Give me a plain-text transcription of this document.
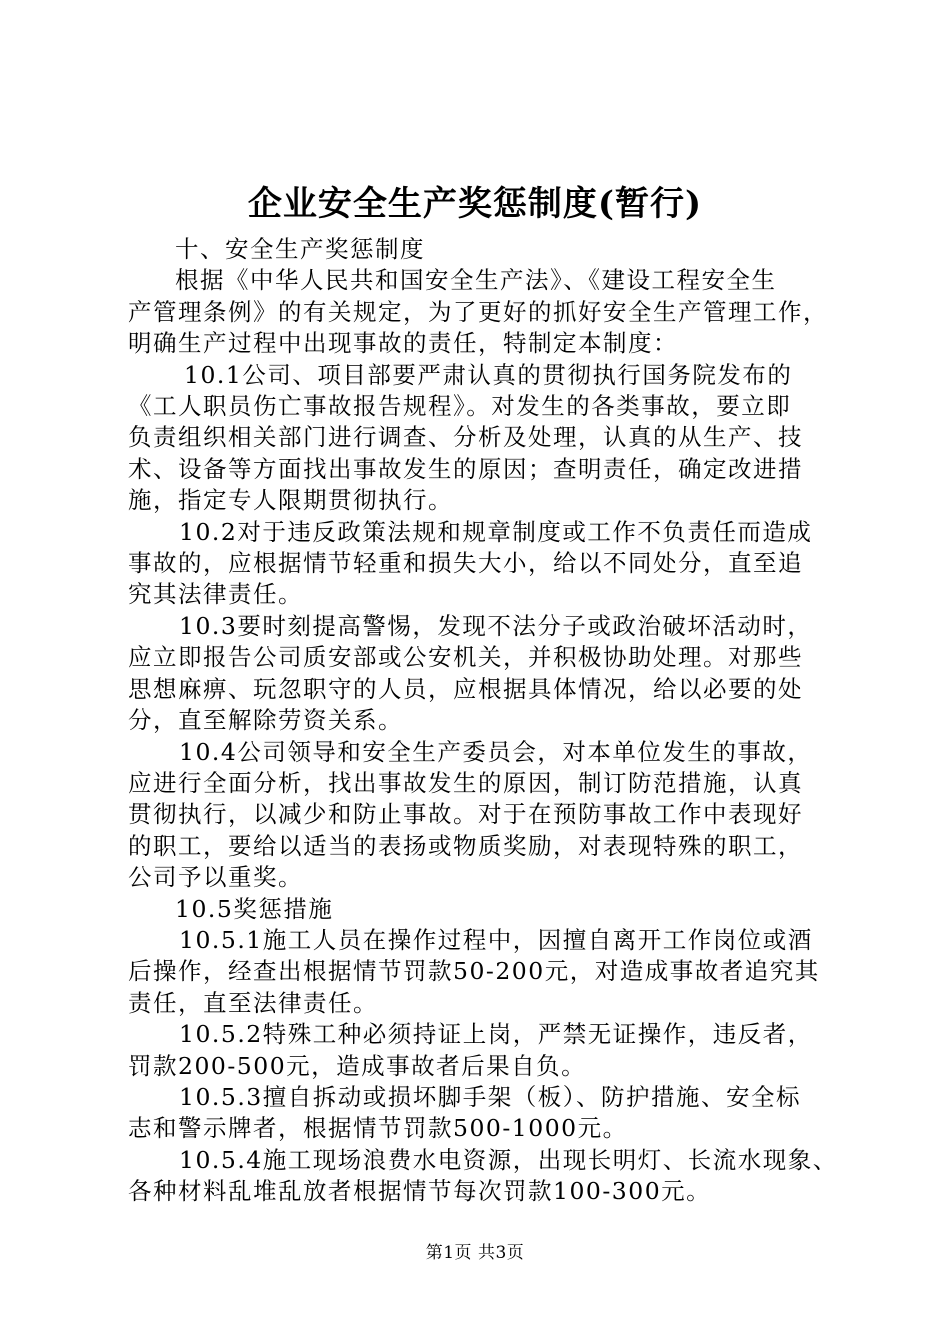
企业安全生产奖惩制度(暂行)

十、安全生产奖惩制度

根据《中华人民共和国安全生产法》、《建设工程安全生

产管理条例》的有关规定，为了更好的抓好安全生产管理工作，

明确生产过程中出现事故的责任，特制定本制度：

10.1公司、项目部要严肃认真的贯彻执行国务院发布的

《工人职员伤亡事故报告规程》。对发生的各类事故，要立即

负责组织相关部门进行调查、分析及处理，认真的从生产、技

术、设备等方面找出事故发生的原因；查明责任，确定改进措

施，指定专人限期贯彻执行。

10.2对于违反政策法规和规章制度或工作不负责任而造成

事故的，应根据情节轻重和损失大小，给以不同处分，直至追

究其法律责任。

10.3要时刻提高警惕，发现不法分子或政治破坏活动时，

应立即报告公司质安部或公安机关，并积极协助处理。对那些

思想麻痹、玩忽职守的人员，应根据具体情况，给以必要的处

分，直至解除劳资关系。

10.4公司领导和安全生产委员会，对本单位发生的事故，

应进行全面分析，找出事故发生的原因，制订防范措施，认真

贯彻执行，以减少和防止事故。对于在预防事故工作中表现好

的职工，要给以适当的表扬或物质奖励，对表现特殊的职工，

公司予以重奖。

10.5奖惩措施

10.5.1施工人员在操作过程中，因擅自离开工作岗位或酒

后操作，经查出根据情节罚款50-200元，对造成事故者追究其

责任，直至法律责任。

10.5.2特殊工种必须持证上岗，严禁无证操作，违反者，

罚款200-500元，造成事故者后果自负。

10.5.3擅自拆动或损坏脚手架（板）、防护措施、安全标

志和警示牌者，根据情节罚款500-1000元。

10.5.4施工现场浪费水电资源，出现长明灯、长流水现象、

各种材料乱堆乱放者根据情节每次罚款100-300元。

第1页 共3页
